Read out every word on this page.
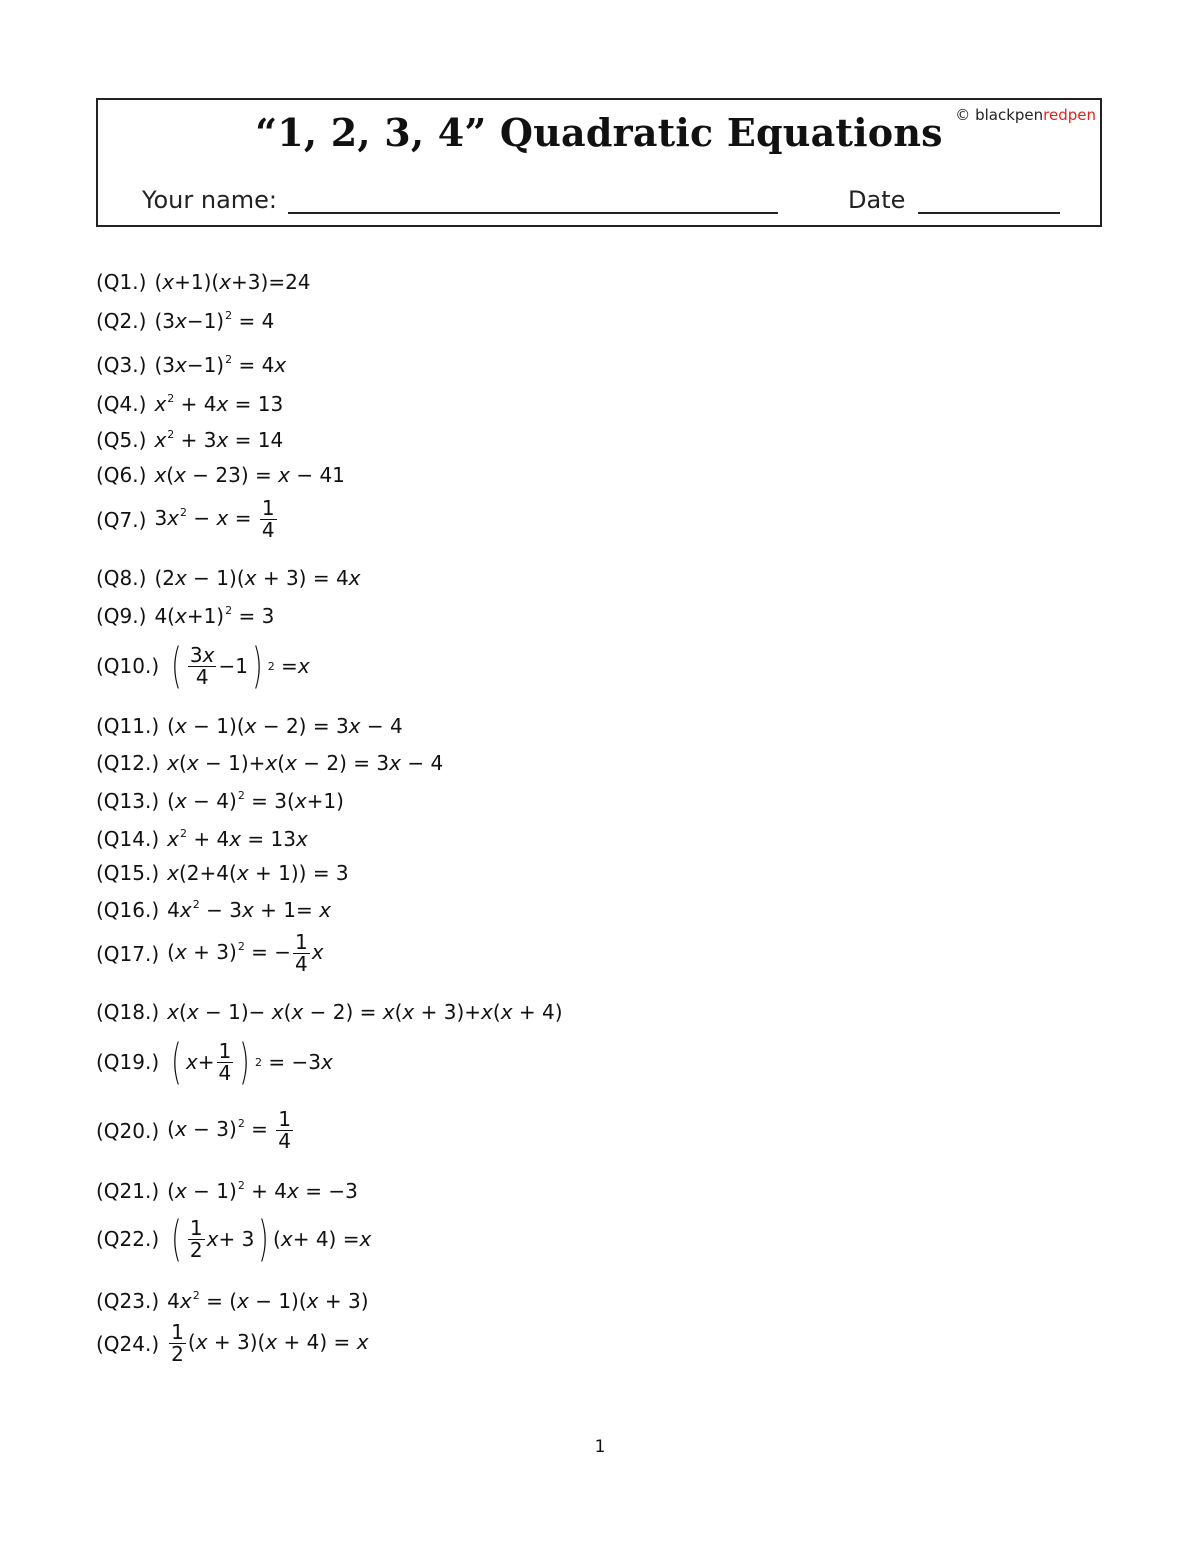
“1, 2, 3, 4” Quadratic Equations © blackpenredpen
Your name:	Date
(Q1.) (x+1)(x+3)=24
(Q2.) $(3x-1)^2 = 4$
(Q3.) $(3x-1)^2 = 4x$
(Q4.) $x^2 + 4x = 13$
(Q5.) $x^2 + 3x = 14$
(Q6.) x(x − 23) = x − 41
(Q7.) $3x^2 - x = \frac{1}{4}$
(Q8.) (2x − 1)(x + 3) = 4x
(Q9.) $4(x+1)^2 = 3$
(Q10.) ( $\frac{3x}{4} -1$ ) 2 = x
(Q11.) (x − 1)(x − 2) = 3x − 4
(Q12.) x(x − 1)+x(x − 2) = 3x − 4
(Q13.) $(x - 4)^2 = 3(x+1)$
(Q14.) $x^2 + 4x = 13x$
(Q15.) x(2+4(x + 1)) = 3
(Q16.) $4x^2 - 3x + 1= x$
(Q17.) $(x + 3)^2$ = − $\frac{1}{4}$ x
(Q18.) x(x − 1)− x(x − 2) = x(x + 3)+x(x + 4)
(Q19.) ( $x + \frac{1}{4}$ ) 2 = −3 x
(Q20.) $(x - 3)^2 = \frac{1}{4}$
(Q21.) $(x - 1)^2 + 4x = -3$
(Q22.) ( $\frac{1}{2}$ x + 3 ) ( x + 4) = x
(Q23.) $4x^2 = (x - 1)(x + 3)$
$(Q24.) \frac{1}{2} (x + 3)(x + 4) = x$
1
